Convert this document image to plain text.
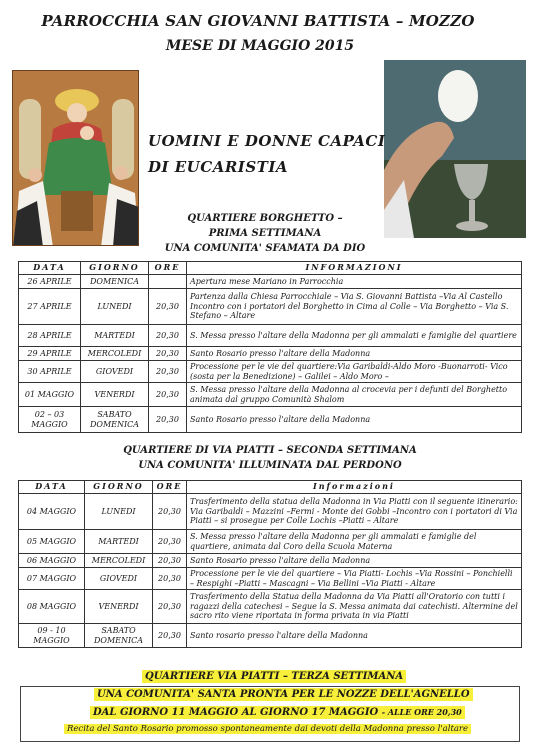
PARROCCHIA SAN GIOVANNI BATTISTA – MOZZO
MESE DI MAGGIO 2015
UOMINI E DONNE CAPACI
DI EUCARISTIA
QUARTIERE BORGHETTO –
PRIMA SETTIMANA
UNA COMUNITA' SFAMATA DA DIO
DATA	GIORNO	ORE	INFORMAZIONI
26 APRILE	DOMENICA		Apertura mese Mariano in Parrocchia
27 APRILE	LUNEDI	20,30	Partenza dalla Chiesa Parrocchiale – Via S. Giovanni Battista –Via Al Castello Incontro con i portatori del Borghetto in Cima al Colle – Via Borghetto – Via S. Stefano – Altare
28 APRILE	MARTEDI	20,30	S. Messa presso l'altare della Madonna per gli ammalati e famiglie del quartiere
29 APRILE	MERCOLEDI	20,30	Santo Rosario presso l'altare della Madonna
30 APRILE	GIOVEDI	20,30	Processione per le vie del quartiere:Via Garibaldi-Aldo Moro -Buonarroti- Vico (sosta per la Benedizione) – Galilei – Aldo Moro –
01 MAGGIO	VENERDI	20,30	S. Messa presso l'altare della Madonna al crocevia per i defunti del Borghetto animata dal gruppo Comunità Shalom
02 – 03 MAGGIO	SABATO DOMENICA	20,30	Santo Rosario presso l'altare della Madonna
QUARTIERE DI VIA PIATTI – SECONDA SETTIMANA
UNA COMUNITA' ILLUMINATA DAL PERDONO
DATA	GIORNO	ORE	Informazioni
04 MAGGIO	LUNEDI	20,30	Trasferimento della statua della Madonna in Via Piatti con il seguente itinerario: Via Garibaldi – Mazzini –Fermi - Monte dei Gobbi –Incontro con i portatori di Via Piatti – si prosegue per Colle Lochis –Piatti – Altare
05 MAGGIO	MARTEDI	20,30	S. Messa presso l'altare della Madonna per gli ammalati e famiglie del quartiere, animata dal Coro della Scuola Materna
06 MAGGIO	MERCOLEDI	20,30	Santo Rosario presso l'altare della Madonna
07 MAGGIO	GIOVEDI	20,30	Processione per le vie del quartiere – Via Piatti- Lochis –Via Rossini – Ponchielli – Respighi –Piatti – Mascagni – Via Bellini –Via Piatti - Altare
08 MAGGIO	VENERDI	20,30	Trasferimento della Statua della Madonna da Via Piatti all'Oratorio con tutti i ragazzi della catechesi – Segue la S. Messa animata dai catechisti. Altermine del sacro rito viene riportata in forma privata in via Piatti
09 - 10 MAGGIO	SABATO DOMENICA	20,30	Santo rosario presso l'altare della Madonna
QUARTIERE VIA PIATTI – TERZA SETTIMANA
UNA COMUNITA' SANTA PRONTA PER LE NOZZE DELL'AGNELLO
DAL GIORNO 11 MAGGIO AL GIORNO 17 MAGGIO - ALLE ORE 20,30
Recita del Santo Rosario promosso spontaneamente dai devoti della Madonna presso l'altare
